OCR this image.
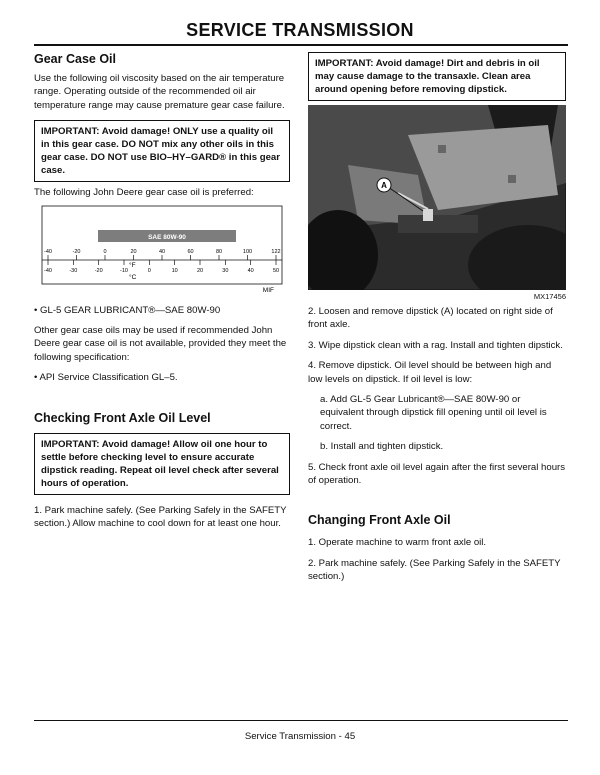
SERVICE TRANSMISSION
Gear Case Oil

Use the following oil viscosity based on the air temperature range. Operating outside of the recommended oil air temperature range may cause premature gear case failure.

IMPORTANT: Avoid damage! ONLY use a quality oil in this gear case. DO NOT mix any other oils in this gear case. DO NOT use BIO–HY–GARD® in this gear case.

The following John Deere gear case oil is preferred:

SAE 80W-90
-40	-20	0	20	40	60	80	100	122
-40	-30	-20	-10	0	10	20	30	40	50
°F
°C
MIF

• GL-5 GEAR LUBRICANT®—SAE 80W-90

Other gear case oils may be used if recommended John Deere gear case oil is not available, provided they meet the following specification:

• API Service Classification GL–5.

Checking Front Axle Oil Level
IMPORTANT: Avoid damage! Allow oil one hour to settle before checking level to ensure accurate dipstick reading. Repeat oil level check after several hours of operation.

1. Park machine safely. (See Parking Safely in the SAFETY section.) Allow machine to cool down for at least one hour.

IMPORTANT: Avoid damage! Dirt and debris in oil may cause damage to the transaxle. Clean area around opening before removing dipstick.
A

MX17456

2. Loosen and remove dipstick (A) located on right side of front axle.

3. Wipe dipstick clean with a rag. Install and tighten dipstick.

4. Remove dipstick. Oil level should be between high and low levels on dipstick. If oil level is low:

a. Add GL-5 Gear Lubricant®—SAE 80W-90 or equivalent through dipstick fill opening until oil level is correct.

b. Install and tighten dipstick.

5. Check front axle oil level again after the first several hours of operation.

Changing Front Axle Oil

1. Operate machine to warm front axle oil.

2. Park machine safely. (See Parking Safely in the SAFETY section.)

Service Transmission - 45
